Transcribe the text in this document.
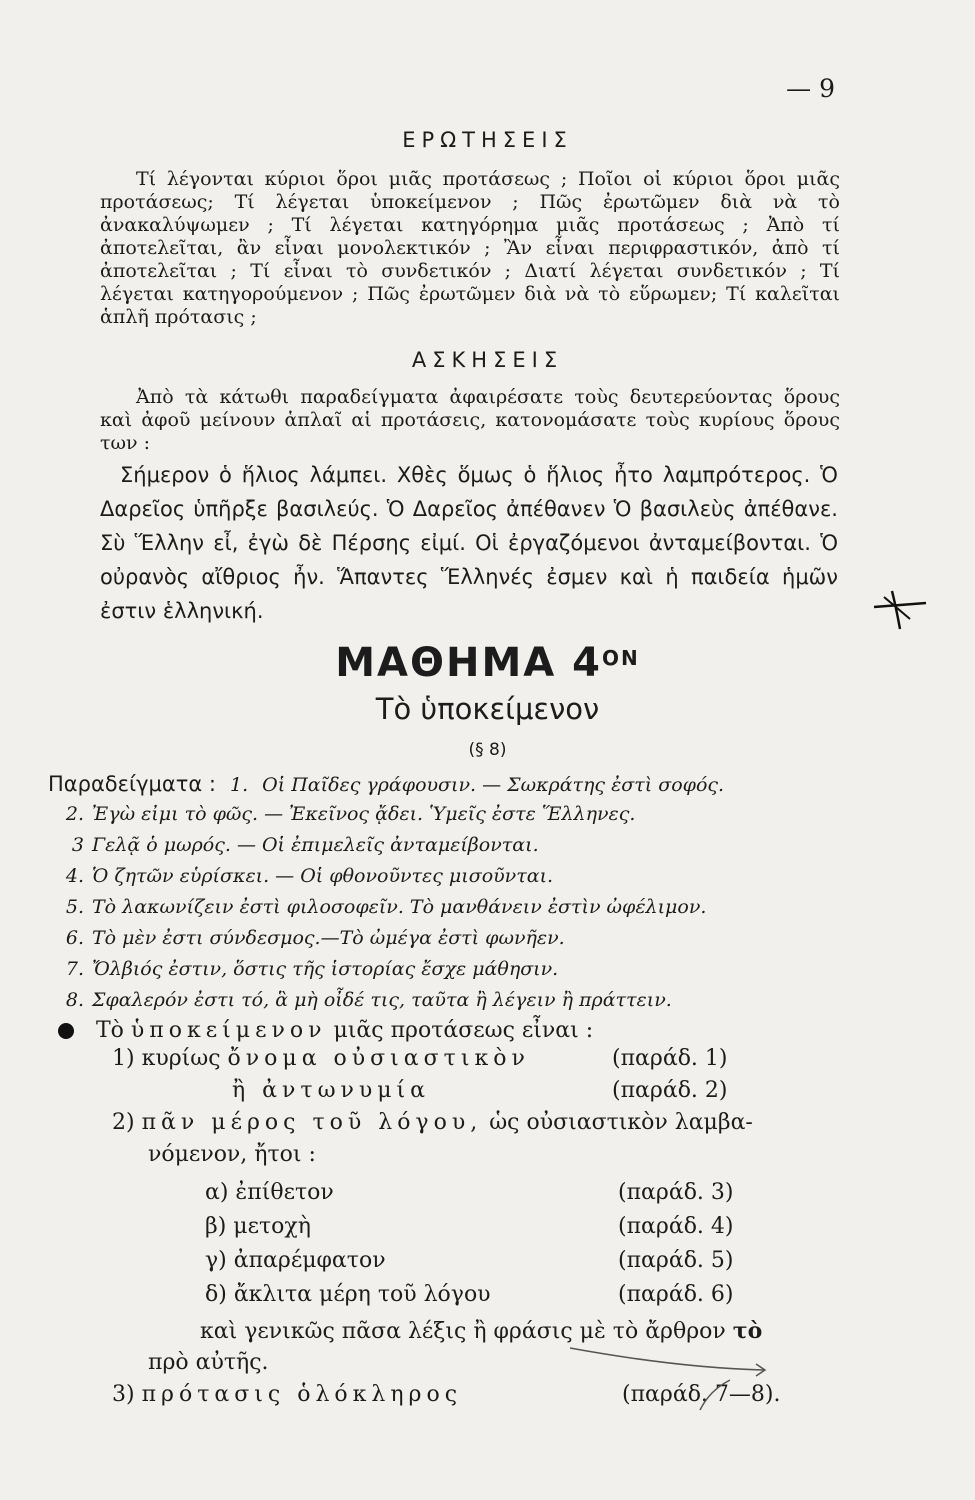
— 9
ΕΡΩΤΗΣΕΙΣ

Τί λέγονται κύριοι ὅροι μιᾶς προτάσεως ; Ποῖοι οἱ κύριοι ὅροι μιᾶς προτάσεως; Τί λέγεται ὑποκείμενον ; Πῶς ἐρωτῶμεν διὰ νὰ τὸ ἀνακαλύψωμεν ; Τί λέγεται κατηγόρημα μιᾶς προτάσεως ; Ἀπὸ τί ἀποτελεῖται, ἂν εἶναι μονολεκτικόν ; Ἂν εἶναι περιφραστικόν, ἀπὸ τί ἀποτελεῖται ; Τί εἶναι τὸ συνδετικόν ; Διατί λέγεται συνδετικόν ; Τί λέγεται κατηγορούμενον ; Πῶς ἐρωτῶμεν διὰ νὰ τὸ εὕρωμεν; Τί καλεῖται ἁπλῆ πρότασις ;

ΑΣΚΗΣΕΙΣ

Ἀπὸ τὰ κάτωθι παραδείγματα ἀφαιρέσατε τοὺς δευτερεύοντας ὅρους καὶ ἀφοῦ μείνουν ἁπλαῖ αἱ προτάσεις, κατονομάσατε τοὺς κυρίους ὅρους των :

Σήμερον ὁ ἥλιος λάμπει. Χθὲς ὅμως ὁ ἥλιος ἦτο λαμπρότερος. Ὁ Δαρεῖος ὑπῆρξε βασιλεύς. Ὁ Δαρεῖος ἀπέθανεν Ὁ βασιλεὺς ἀπέθανε. Σὺ Ἕλλην εἶ, ἐγὼ δὲ Πέρσης εἰμί. Οἱ ἐργαζόμενοι ἀνταμείβονται. Ὁ οὐρανὸς αἴθριος ἦν. Ἅπαντες Ἕλληνές ἐσμεν καὶ ἡ παιδεία ἡμῶν ἐστιν ἑλληνική.

ΜΑΘΗΜΑ $4^{ON}$
Τὸ ὑποκείμενον
(§ 8)
Παραδείγματα : 1. Οἱ Παῖδες γράφουσιν. — Σωκράτης ἐστὶ σοφός.
2. Ἐγὼ εἰμι τὸ φῶς. — Ἐκεῖνος ᾄδει. Ὑμεῖς ἐστε Ἕλληνες.
3 Γελᾷ ὁ μωρός. — Οἱ ἐπιμελεῖς ἀνταμείβονται.
4. Ὁ ζητῶν εὑρίσκει. — Οἱ φθονοῦντες μισοῦνται.
5. Τὸ λακωνίζειν ἐστὶ φιλοσοφεῖν. Τὸ μανθάνειν ἐστὶν ὠφέλιμον.
6. Τὸ μὲν ἐστι σύνδεσμος.—Τὸ ὠμέγα ἐστὶ φωνῆεν.
7. Ὄλβιός ἐστιν, ὅστις τῆς ἱστορίας ἔσχε μάθησιν.
8. Σφαλερόν ἐστι τό, ἃ μὴ οἶδέ τις, ταῦτα ἢ λέγειν ἢ πράττειν.
Τὸ ὑποκείμενον μιᾶς προτάσεως εἶναι :
1) κυρίως ὄνομα οὐσιαστικὸν	(παράδ. 1)
ἢ ἀντωνυμία	(παράδ. 2)
2) πᾶν μέρος τοῦ λόγου, ὡς οὐσιαστικὸν λαμβα-
νόμενον, ἤτοι :
α) ἐπίθετον	(παράδ. 3)
β) μετοχὴ	(παράδ. 4)
γ) ἀπαρέμφατον	(παράδ. 5)
δ) ἄκλιτα μέρη τοῦ λόγου	(παράδ. 6)
καὶ γενικῶς πᾶσα λέξις ἢ φράσις μὲ τὸ ἄρθρον τὸ
πρὸ αὐτῆς.
3) πρότασις ὁλόκληρος	(παράδ. 7—8).
